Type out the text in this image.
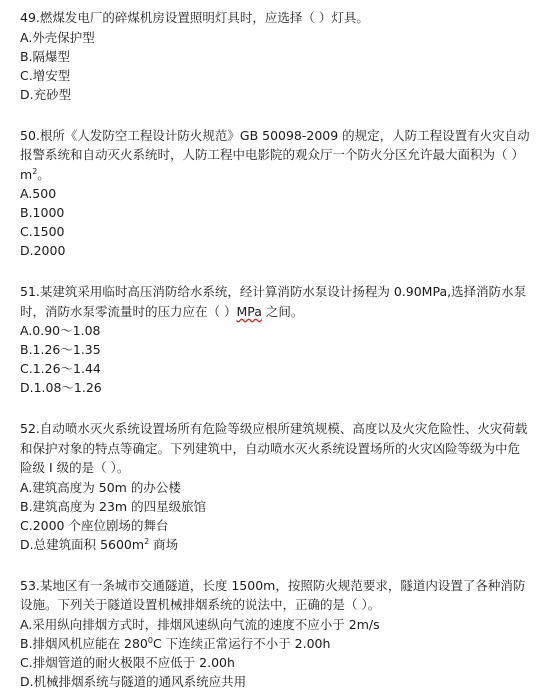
49.燃煤发电厂的碎煤机房设置照明灯具时，应选择（ ）灯具。

A.外壳保护型

B.隔爆型

C.增安型

D.充砂型

50.根所《人发防空工程设计防火规范》GB 50098-2009 的规定，人防工程设置有火灾自动报警系统和自动灭火系统时，人防工程中电影院的观众厅一个防火分区允许最大面积为（ ）$m^2$。

A.500

B.1000

C.1500

D.2000

51.某建筑采用临时高压消防给水系统，经计算消防水泵设计扬程为 0.90MPa,选择消防水泵时，消防水泵零流量时的压力应在（ ）MPa 之间。

A.0.90～1.08

B.1.26～1.35

C.1.26～1.44

D.1.08～1.26

52.自动喷水灭火系统设置场所有危险等级应根所建筑规模、高度以及火灾危险性、火灾荷载和保护对象的特点等确定。下列建筑中，自动喷水灭火系统设置场所的火灾凶险等级为中危险级 I 级的是（ ）。

A.建筑高度为 50m 的办公楼

B.建筑高度为 23m 的四星级旅馆

C.2000 个座位剧场的舞台

D.总建筑面积 $5600m^2$ 商场

53.某地区有一条城市交通隧道，长度 1500m，按照防火规范要求，隧道内设置了各种消防设施。下列关于隧道设置机械排烟系统的说法中，正确的是（ ）。

A.采用纵向排烟方式时，排烟风速纵向气流的速度不应小于 2m/s

B.排烟风机应能在 $280^0C$ 下连续正常运行不小于 2.00h

C.排烟管道的耐火极限不应低于 2.00h

D.机械排烟系统与隧道的通风系统应共用
